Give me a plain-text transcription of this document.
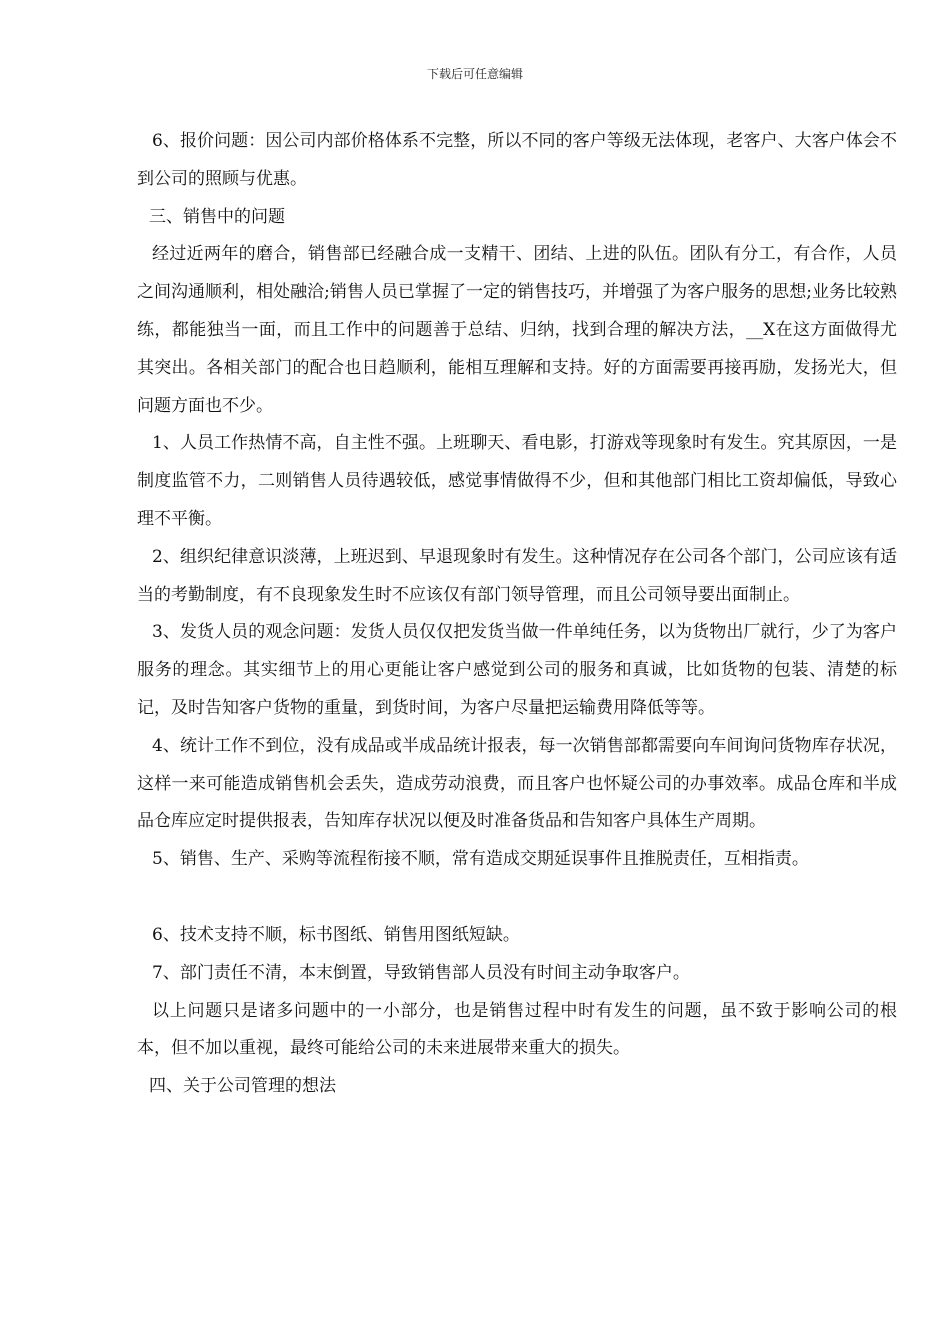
下载后可任意编辑

6、报价问题：因公司内部价格体系不完整，所以不同的客户等级无法体现，老客户、大客户体会不到公司的照顾与优惠。

三、销售中的问题

经过近两年的磨合，销售部已经融合成一支精干、团结、上进的队伍。团队有分工，有合作，人员之间沟通顺利，相处融洽;销售人员已掌握了一定的销售技巧，并增强了为客户服务的思想;业务比较熟练，都能独当一面，而且工作中的问题善于总结、归纳，找到合理的解决方法，__X在这方面做得尤其突出。各相关部门的配合也日趋顺利，能相互理解和支持。好的方面需要再接再励，发扬光大，但问题方面也不少。

1、人员工作热情不高，自主性不强。上班聊天、看电影，打游戏等现象时有发生。究其原因，一是制度监管不力，二则销售人员待遇较低，感觉事情做得不少，但和其他部门相比工资却偏低，导致心理不平衡。

2、组织纪律意识淡薄，上班迟到、早退现象时有发生。这种情况存在公司各个部门，公司应该有适当的考勤制度，有不良现象发生时不应该仅有部门领导管理，而且公司领导要出面制止。

3、发货人员的观念问题：发货人员仅仅把发货当做一件单纯任务，以为货物出厂就行，少了为客户服务的理念。其实细节上的用心更能让客户感觉到公司的服务和真诚，比如货物的包装、清楚的标记，及时告知客户货物的重量，到货时间，为客户尽量把运输费用降低等等。

4、统计工作不到位，没有成品或半成品统计报表，每一次销售部都需要向车间询问货物库存状况，这样一来可能造成销售机会丢失，造成劳动浪费，而且客户也怀疑公司的办事效率。成品仓库和半成品仓库应定时提供报表，告知库存状况以便及时准备货品和告知客户具体生产周期。

5、销售、生产、采购等流程衔接不顺，常有造成交期延误事件且推脱责任，互相指责。

6、技术支持不顺，标书图纸、销售用图纸短缺。

7、部门责任不清，本末倒置，导致销售部人员没有时间主动争取客户。

以上问题只是诸多问题中的一小部分，也是销售过程中时有发生的问题，虽不致于影响公司的根本，但不加以重视，最终可能给公司的未来进展带来重大的损失。

四、关于公司管理的想法
